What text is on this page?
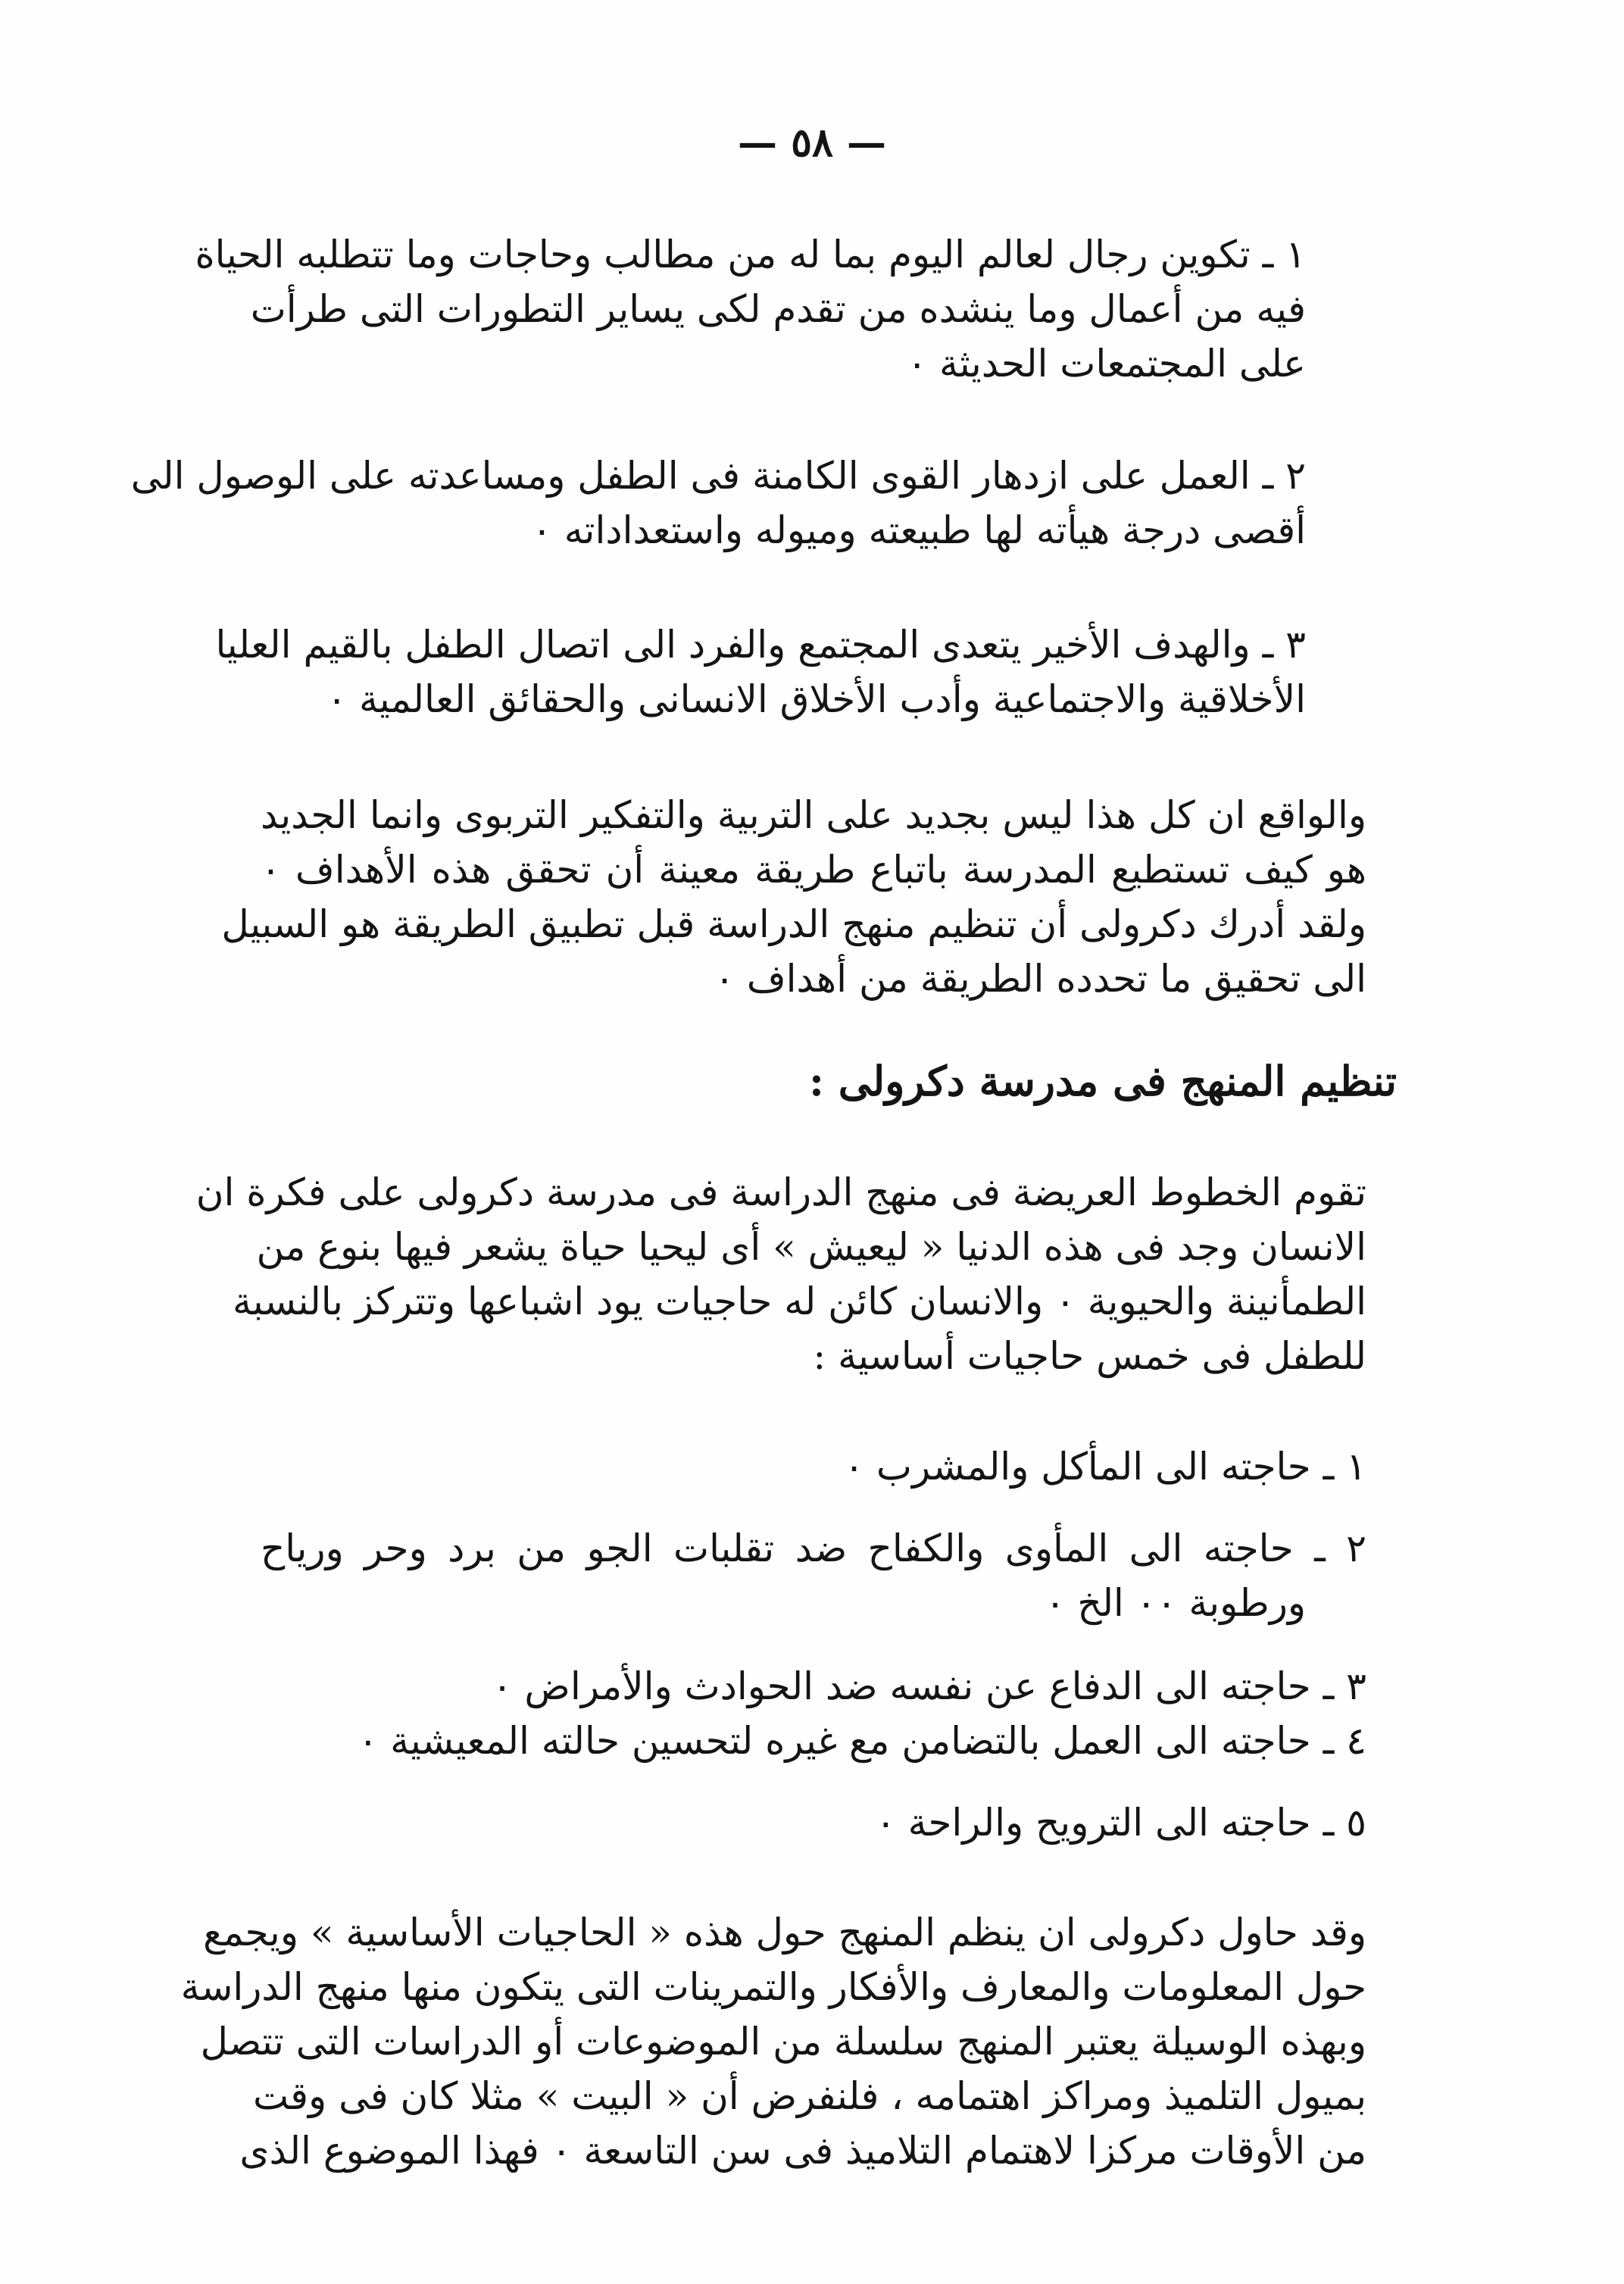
— ٥٨ —
١ ـ تكوين رجال لعالم اليوم بما له من مطالب وحاجات وما تتطلبه الحياة
فيه من أعمال وما ينشده من تقدم لكى يساير التطورات التى طرأت
على المجتمعات الحديثة ٠
٢ ـ العمل على ازدهار القوى الكامنة فى الطفل ومساعدته على الوصول الى
أقصى درجة هيأته لها طبيعته وميوله واستعداداته ٠
٣ ـ والهدف الأخير يتعدى المجتمع والفرد الى اتصال الطفل بالقيم العليا
الأخلاقية والاجتماعية وأدب الأخلاق الانسانى والحقائق العالمية ٠
والواقع ان كل هذا ليس بجديد على التربية والتفكير التربوى وانما الجديد
هو كيف تستطيع المدرسة باتباع طريقة معينة أن تحقق هذه الأهداف ٠
ولقد أدرك دكرولى أن تنظيم منهج الدراسة قبل تطبيق الطريقة هو السبيل
الى تحقيق ما تحدده الطريقة من أهداف ٠
تنظيم المنهج فى مدرسة دكرولى :
تقوم الخطوط العريضة فى منهج الدراسة فى مدرسة دكرولى على فكرة ان
الانسان وجد فى هذه الدنيا « ليعيش » أى ليحيا حياة يشعر فيها بنوع من
الطمأنينة والحيوية ٠ والانسان كائن له حاجيات يود اشباعها وتتركز بالنسبة
للطفل فى خمس حاجيات أساسية :
١ ـ حاجته الى المأكل والمشرب ٠
٢ ـ حاجته الى المأوى والكفاح ضد تقلبات الجو من برد وحر ورياح
ورطوبة ٠٠ الخ ٠
٣ ـ حاجته الى الدفاع عن نفسه ضد الحوادث والأمراض ٠
٤ ـ حاجته الى العمل بالتضامن مع غيره لتحسين حالته المعيشية ٠
٥ ـ حاجته الى الترويح والراحة ٠
وقد حاول دكرولى ان ينظم المنهج حول هذه « الحاجيات الأساسية » ويجمع
حول المعلومات والمعارف والأفكار والتمرينات التى يتكون منها منهج الدراسة
وبهذه الوسيلة يعتبر المنهج سلسلة من الموضوعات أو الدراسات التى تتصل
بميول التلميذ ومراكز اهتمامه ، فلنفرض أن « البيت » مثلا كان فى وقت
من الأوقات مركزا لاهتمام التلاميذ فى سن التاسعة ٠ فهذا الموضوع الذى
